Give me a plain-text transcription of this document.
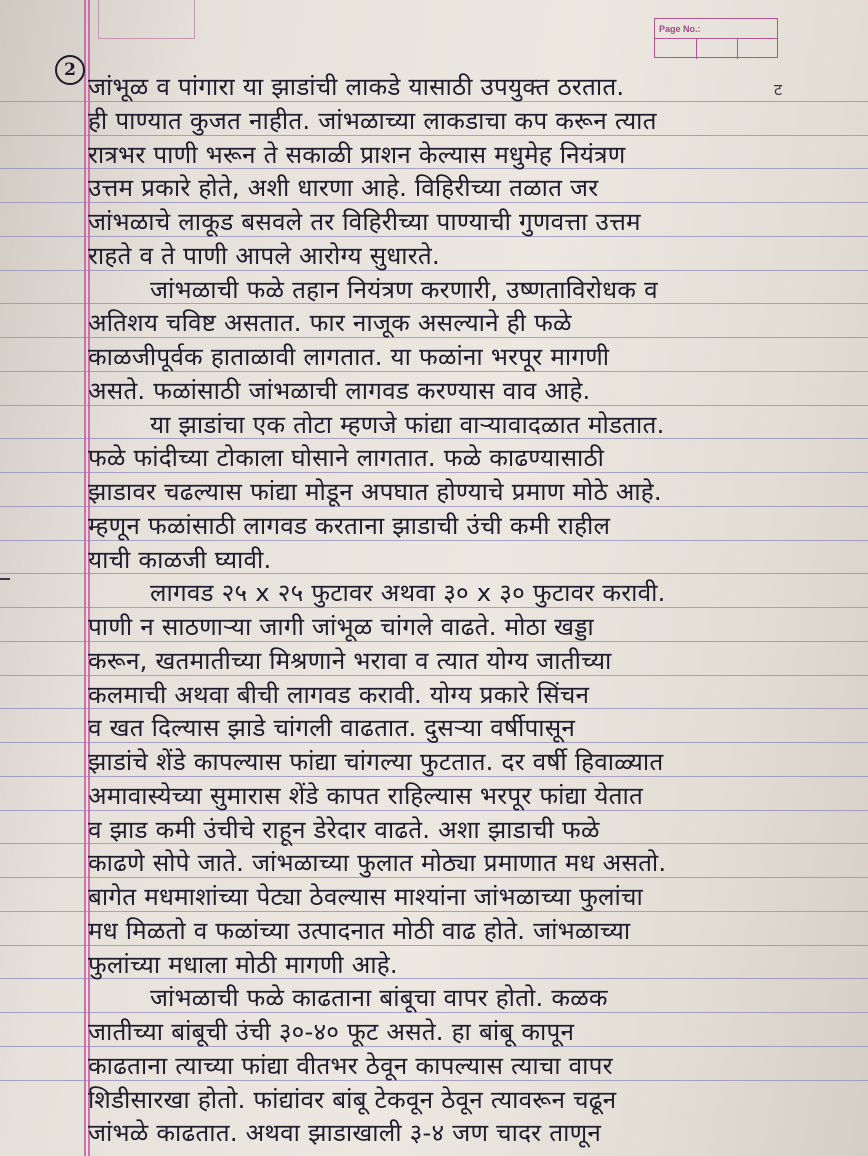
Page No.:
2
ट
जांभूळ व पांगारा या झाडांची लाकडे यासाठी उपयुक्त ठरतात.
ही पाण्यात कुजत नाहीत. जांभळाच्या लाकडाचा कप करून त्यात
रात्रभर पाणी भरून ते सकाळी प्राशन केल्यास मधुमेह नियंत्रण
उत्तम प्रकारे होते, अशी धारणा आहे. विहिरीच्या तळात जर
जांभळाचे लाकूड बसवले तर विहिरीच्या पाण्याची गुणवत्ता उत्तम
राहते व ते पाणी आपले आरोग्य सुधारते.
जांभळाची फळे तहान नियंत्रण करणारी, उष्णताविरोधक व
अतिशय चविष्ट असतात. फार नाजूक असल्याने ही फळे
काळजीपूर्वक हाताळावी लागतात. या फळांना भरपूर मागणी
असते. फळांसाठी जांभळाची लागवड करण्यास वाव आहे.
या झाडांचा एक तोटा म्हणजे फांद्या वाऱ्यावादळात मोडतात.
फळे फांदीच्या टोकाला घोसाने लागतात. फळे काढण्यासाठी
झाडावर चढल्यास फांद्या मोडून अपघात होण्याचे प्रमाण मोठे आहे.
म्हणून फळांसाठी लागवड करताना झाडाची उंची कमी राहील
याची काळजी घ्यावी.
लागवड २५ x २५ फुटावर अथवा ३० x ३० फुटावर करावी.
पाणी न साठणाऱ्या जागी जांभूळ चांगले वाढते. मोठा खड्डा
करून, खतमातीच्या मिश्रणाने भरावा व त्यात योग्य जातीच्या
कलमाची अथवा बीची लागवड करावी. योग्य प्रकारे सिंचन
व खत दिल्यास झाडे चांगली वाढतात. दुसऱ्या वर्षीपासून
झाडांचे शेंडे कापल्यास फांद्या चांगल्या फुटतात. दर वर्षी हिवाळ्यात
अमावास्येच्या सुमारास शेंडे कापत राहिल्यास भरपूर फांद्या येतात
व झाड कमी उंचीचे राहून डेरेदार वाढते. अशा झाडाची फळे
काढणे सोपे जाते. जांभळाच्या फुलात मोठ्या प्रमाणात मध असतो.
बागेत मधमाशांच्या पेट्या ठेवल्यास माश्यांना जांभळाच्या फुलांचा
मध मिळतो व फळांच्या उत्पादनात मोठी वाढ होते. जांभळाच्या
फुलांच्या मधाला मोठी मागणी आहे.
जांभळाची फळे काढताना बांबूचा वापर होतो. कळक
जातीच्या बांबूची उंची ३०-४० फूट असते. हा बांबू कापून
काढताना त्याच्या फांद्या वीतभर ठेवून कापल्यास त्याचा वापर
शिडीसारखा होतो. फांद्यांवर बांबू टेकवून ठेवून त्यावरून चढून
जांभळे काढतात. अथवा झाडाखाली ३-४ जण चादर ताणून
